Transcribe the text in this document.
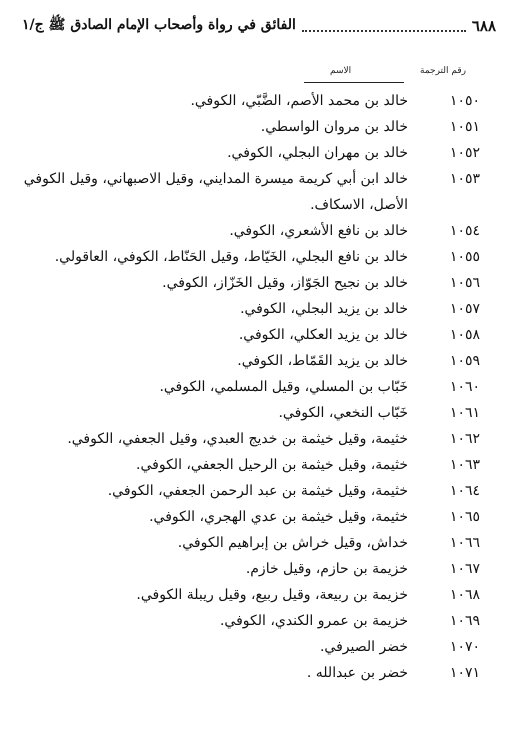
٦٨٨
الفائق في رواة وأصحاب الإمام الصادق ﷺ ج/١
رقم الترجمة
الاسم
١٠٥٠
خالد بن محمد الأصم، الضَّبّي، الكوفي.
١٠٥١
خالد بن مروان الواسطي.
١٠٥٢
خالد بن مهران البجلي، الكوفي.
١٠٥٣
خالد ابن أبي كريمة ميسرة المدايني، وقيل الاصبهاني، وقيل الكوفي
الأصل، الاسكاف.
١٠٥٤
خالد بن نافع الأشعري، الكوفي.
١٠٥٥
خالد بن نافع البجلي، الخَيّاط، وقيل الحَنّاط، الكوفي، العاقولي.
١٠٥٦
خالد بن نجيح الجَوّاز، وقيل الخَزّاز، الكوفي.
١٠٥٧
خالد بن يزيد البجلي، الكوفي.
١٠٥٨
خالد بن يزيد العكلي، الكوفي.
١٠٥٩
خالد بن يزيد القَمّاط، الكوفي.
١٠٦٠
خَبّاب بن المسلي، وقيل المسلمي، الكوفي.
١٠٦١
خَبّاب النخعي، الكوفي.
١٠٦٢
خثيمة، وقيل خيثمة بن خديج العبدي، وقيل الجعفي، الكوفي.
١٠٦٣
خثيمة، وقيل خيثمة بن الرحيل الجعفي، الكوفي.
١٠٦٤
خثيمة، وقيل خيثمة بن عبد الرحمن الجعفي، الكوفي.
١٠٦٥
خثيمة، وقيل خيثمة بن عدي الهجري، الكوفي.
١٠٦٦
خداش، وقيل خراش بن إبراهيم الكوفي.
١٠٦٧
خزيمة بن حازم، وقيل خازم.
١٠٦٨
خزيمة بن ربيعة، وقيل ربيع، وقيل ريبلة الكوفي.
١٠٦٩
خزيمة بن عمرو الكندي، الكوفي.
١٠٧٠
خضر الصيرفي.
١٠٧١
خضر بن عبدالله .
